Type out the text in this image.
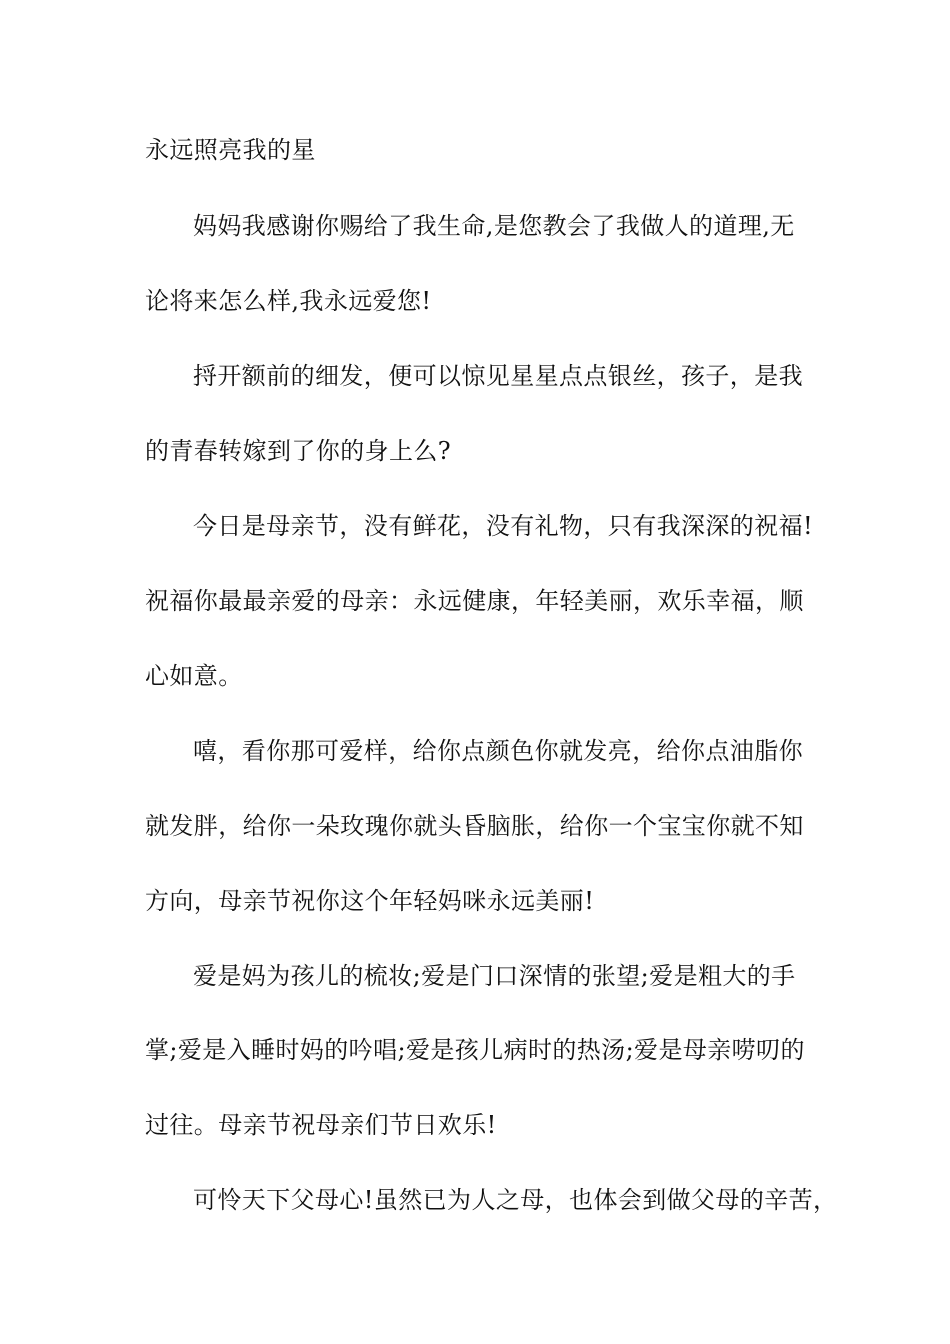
永远照亮我的星
妈妈我感谢你赐给了我生命,是您教会了我做人的道理,无
论将来怎么样,我永远爱您!
捋开额前的细发，便可以惊见星星点点银丝，孩子，是我
的青春转嫁到了你的身上么?
今日是母亲节，没有鲜花，没有礼物，只有我深深的祝福!
祝福你最最亲爱的母亲：永远健康，年轻美丽，欢乐幸福，顺
心如意。
嘻，看你那可爱样，给你点颜色你就发亮，给你点油脂你
就发胖，给你一朵玫瑰你就头昏脑胀，给你一个宝宝你就不知
方向，母亲节祝你这个年轻妈咪永远美丽!
爱是妈为孩儿的梳妆;爱是门口深情的张望;爱是粗大的手
掌;爱是入睡时妈的吟唱;爱是孩儿病时的热汤;爱是母亲唠叨的
过往。母亲节祝母亲们节日欢乐!
可怜天下父母心!虽然已为人之母，也体会到做父母的辛苦，
